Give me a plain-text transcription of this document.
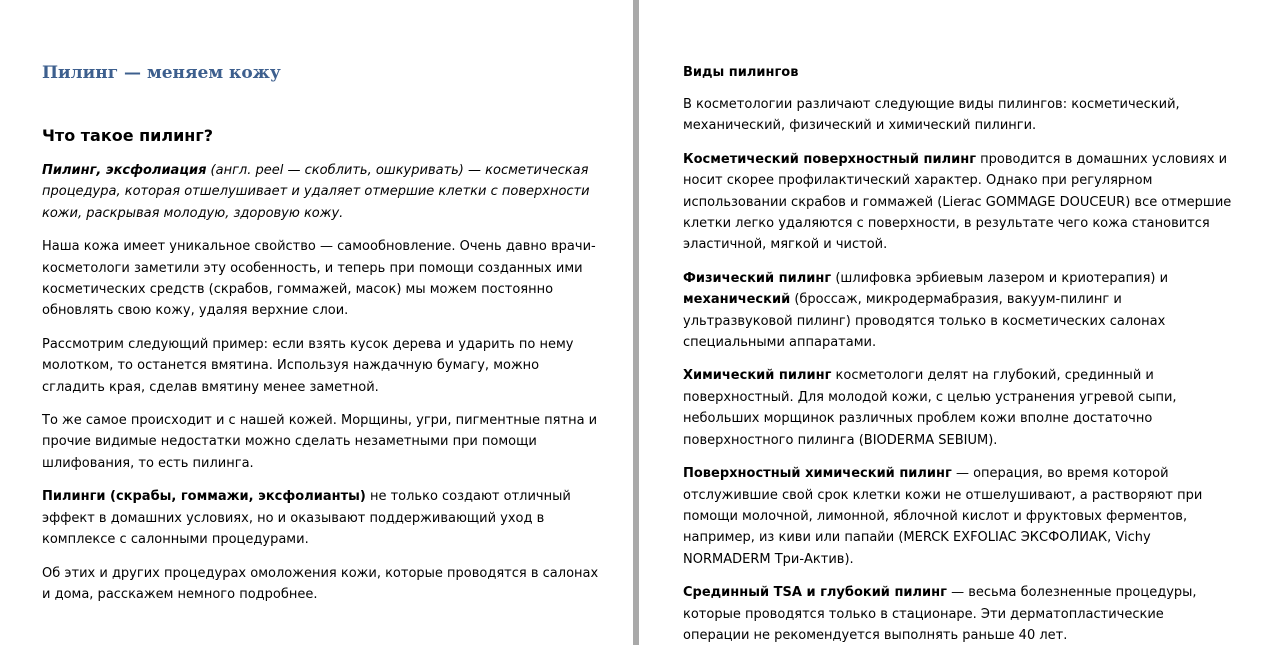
Пилинг — меняем кожу
Что такое пилинг?

Пилинг, эксфолиация (англ. peel — скоблить, ошкуривать) — косметическая процедура, которая отшелушивает и удаляет отмершие клетки с поверхности кожи, раскрывая молодую, здоровую кожу.

Наша кожа имеет уникальное свойство — самообновление. Очень давно врачи-косметологи заметили эту особенность, и теперь при помощи созданных ими косметических средств (скрабов, гоммажей, масок) мы можем постоянно обновлять свою кожу, удаляя верхние слои.

Рассмотрим следующий пример: если взять кусок дерева и ударить по нему молотком, то останется вмятина. Используя наждачную бумагу, можно сгладить края, сделав вмятину менее заметной.

То же самое происходит и с нашей кожей. Морщины, угри, пигментные пятна и прочие видимые недостатки можно сделать незаметными при помощи шлифования, то есть пилинга.

Пилинги (скрабы, гоммажи, эксфолианты) не только создают отличный эффект в домашних условиях, но и оказывают поддерживающий уход в комплексе с салонными процедурами.

Об этих и других процедурах омоложения кожи, которые проводятся в салонах и дома, расскажем немного подробнее.

Виды пилингов

В косметологии различают следующие виды пилингов: косметический, механический, физический и химический пилинги.

Косметический поверхностный пилинг проводится в домашних условиях и носит скорее профилактический характер. Однако при регулярном использовании скрабов и гоммажей (Lierac GOMMAGE DOUCEUR) все отмершие клетки легко удаляются с поверхности, в результате чего кожа становится эластичной, мягкой и чистой.

Физический пилинг (шлифовка эрбиевым лазером и криотерапия) и механический (броссаж, микродермабразия, вакуум-пилинг и ультразвуковой пилинг) проводятся только в косметических салонах специальными аппаратами.

Химический пилинг косметологи делят на глубокий, срединный и поверхностный. Для молодой кожи, с целью устранения угревой сыпи, небольших морщинок различных проблем кожи вполне достаточно поверхностного пилинга (BIODERMA SEBIUM).

Поверхностный химический пилинг — операция, во время которой отслужившие свой срок клетки кожи не отшелушивают, а растворяют при помощи молочной, лимонной, яблочной кислот и фруктовых ферментов, например, из киви или папайи (MERCK EXFOLIAC ЭКСФОЛИАК, Vichy NORMADERM Три-Актив).

Срединный TSA и глубокий пилинг — весьма болезненные процедуры, которые проводятся только в стационаре. Эти дерматопластические операции не рекомендуется выполнять раньше 40 лет.
